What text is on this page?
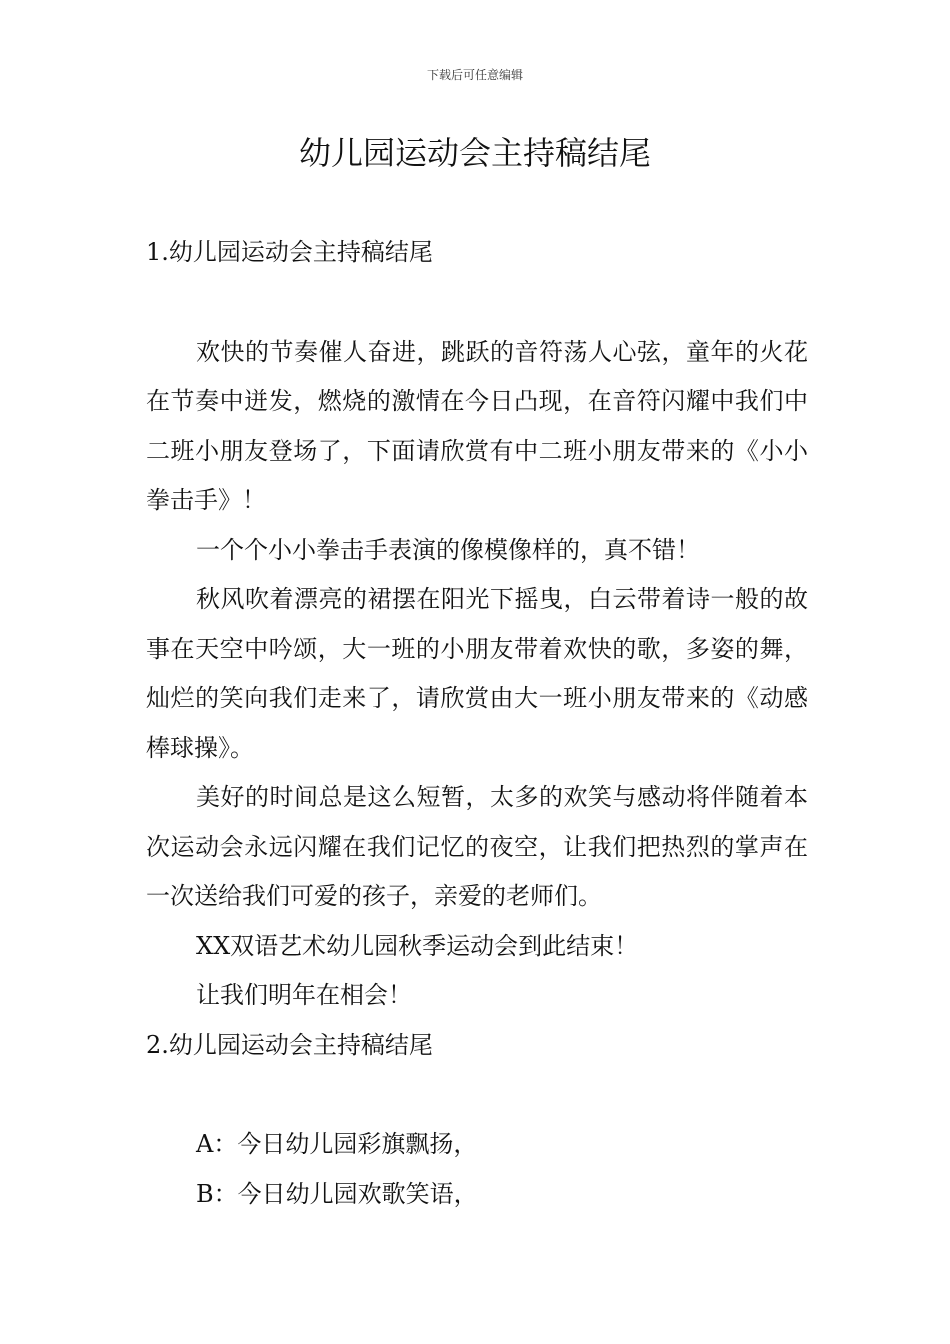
下载后可任意编辑
幼儿园运动会主持稿结尾

1.幼儿园运动会主持稿结尾

欢快的节奏催人奋进，跳跃的音符荡人心弦，童年的火花在节奏中迸发，燃烧的激情在今日凸现，在音符闪耀中我们中二班小朋友登场了，下面请欣赏有中二班小朋友带来的《小小拳击手》！

一个个小小拳击手表演的像模像样的，真不错！

秋风吹着漂亮的裙摆在阳光下摇曳，白云带着诗一般的故事在天空中吟颂，大一班的小朋友带着欢快的歌，多姿的舞，灿烂的笑向我们走来了，请欣赏由大一班小朋友带来的《动感棒球操》。

美好的时间总是这么短暂，太多的欢笑与感动将伴随着本次运动会永远闪耀在我们记忆的夜空，让我们把热烈的掌声在一次送给我们可爱的孩子，亲爱的老师们。

XX双语艺术幼儿园秋季运动会到此结束！

让我们明年在相会！

2.幼儿园运动会主持稿结尾

A：今日幼儿园彩旗飘扬，

B：今日幼儿园欢歌笑语，
